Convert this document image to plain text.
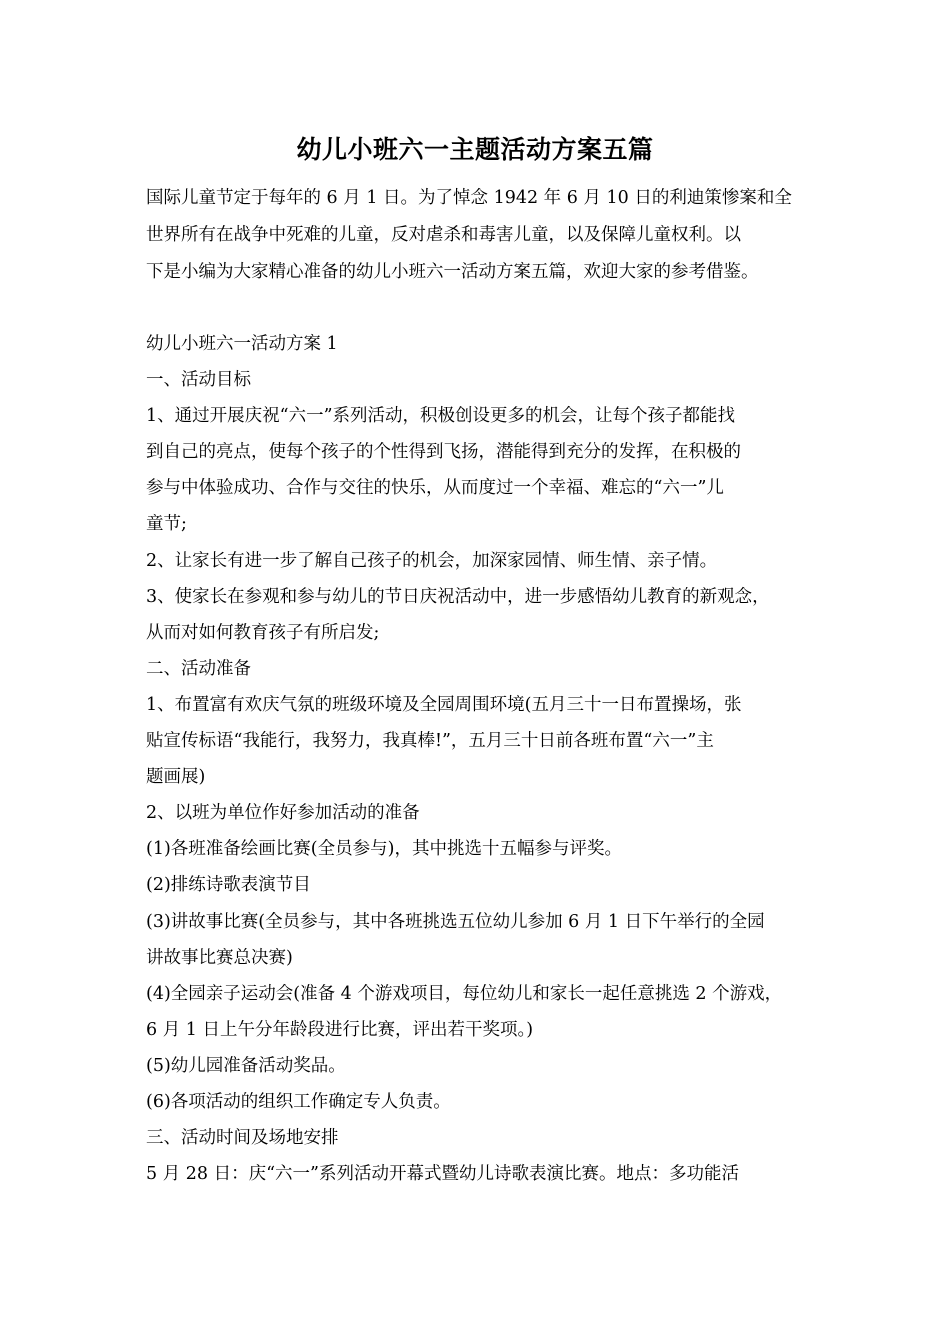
幼儿小班六一主题活动方案五篇

国际儿童节定于每年的 6 月 1 日。为了悼念 1942 年 6 月 10 日的利迪策惨案和全

世界所有在战争中死难的儿童，反对虐杀和毒害儿童，以及保障儿童权利。以

下是小编为大家精心准备的幼儿小班六一活动方案五篇，欢迎大家的参考借鉴。

幼儿小班六一活动方案 1

一、活动目标

1、通过开展庆祝“六一”系列活动，积极创设更多的机会，让每个孩子都能找

到自己的亮点，使每个孩子的个性得到飞扬，潜能得到充分的发挥，在积极的

参与中体验成功、合作与交往的快乐，从而度过一个幸福、难忘的“六一”儿

童节;

2、让家长有进一步了解自己孩子的机会，加深家园情、师生情、亲子情。

3、使家长在参观和参与幼儿的节日庆祝活动中，进一步感悟幼儿教育的新观念，

从而对如何教育孩子有所启发;

二、活动准备

1、布置富有欢庆气氛的班级环境及全园周围环境(五月三十一日布置操场，张

贴宣传标语“我能行，我努力，我真棒!”，五月三十日前各班布置“六一”主

题画展)

2、以班为单位作好参加活动的准备

(1)各班准备绘画比赛(全员参与)，其中挑选十五幅参与评奖。

(2)排练诗歌表演节目

(3)讲故事比赛(全员参与，其中各班挑选五位幼儿参加 6 月 1 日下午举行的全园

讲故事比赛总决赛)

(4)全园亲子运动会(准备 4 个游戏项目，每位幼儿和家长一起任意挑选 2 个游戏，

6 月 1 日上午分年龄段进行比赛，评出若干奖项。)

(5)幼儿园准备活动奖品。

(6)各项活动的组织工作确定专人负责。

三、活动时间及场地安排

5 月 28 日：庆“六一”系列活动开幕式暨幼儿诗歌表演比赛。地点：多功能活
